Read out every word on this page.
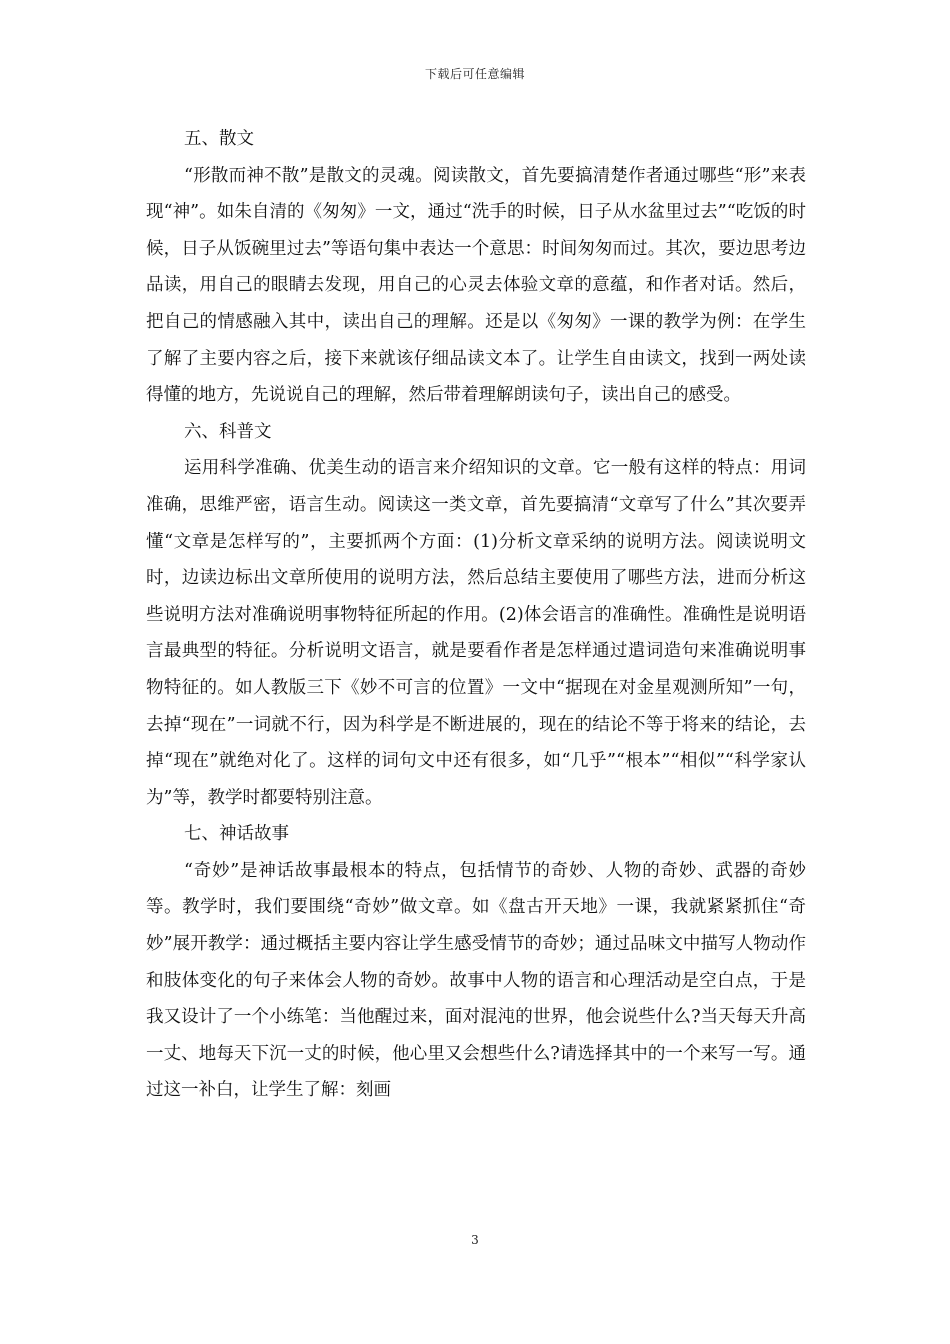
下载后可任意编辑

五、散文

“形散而神不散”是散文的灵魂。阅读散文，首先要搞清楚作者通过哪些“形”来表现“神”。如朱自清的《匆匆》一文，通过“洗手的时候，日子从水盆里过去”“吃饭的时候，日子从饭碗里过去”等语句集中表达一个意思：时间匆匆而过。其次，要边思考边品读，用自己的眼睛去发现，用自己的心灵去体验文章的意蕴，和作者对话。然后，把自己的情感融入其中，读出自己的理解。还是以《匆匆》一课的教学为例：在学生了解了主要内容之后，接下来就该仔细品读文本了。让学生自由读文，找到一两处读得懂的地方，先说说自己的理解，然后带着理解朗读句子，读出自己的感受。

六、科普文

运用科学准确、优美生动的语言来介绍知识的文章。它一般有这样的特点：用词准确，思维严密，语言生动。阅读这一类文章，首先要搞清“文章写了什么”其次要弄懂“文章是怎样写的”，主要抓两个方面：(1)分析文章采纳的说明方法。阅读说明文时，边读边标出文章所使用的说明方法，然后总结主要使用了哪些方法，进而分析这些说明方法对准确说明事物特征所起的作用。(2)体会语言的准确性。准确性是说明语言最典型的特征。分析说明文语言，就是要看作者是怎样通过遣词造句来准确说明事物特征的。如人教版三下《妙不可言的位置》一文中“据现在对金星观测所知”一句，去掉“现在”一词就不行，因为科学是不断进展的，现在的结论不等于将来的结论，去掉“现在”就绝对化了。这样的词句文中还有很多，如“几乎”“根本”“相似”“科学家认为”等，教学时都要特别注意。

七、神话故事

“奇妙”是神话故事最根本的特点，包括情节的奇妙、人物的奇妙、武器的奇妙等。教学时，我们要围绕“奇妙”做文章。如《盘古开天地》一课，我就紧紧抓住“奇妙”展开教学：通过概括主要内容让学生感受情节的奇妙；通过品味文中描写人物动作和肢体变化的句子来体会人物的奇妙。故事中人物的语言和心理活动是空白点，于是我又设计了一个小练笔：当他醒过来，面对混沌的世界，他会说些什么?当天每天升高一丈、地每天下沉一丈的时候，他心里又会想些什么?请选择其中的一个来写一写。通过这一补白，让学生了解：刻画

3
